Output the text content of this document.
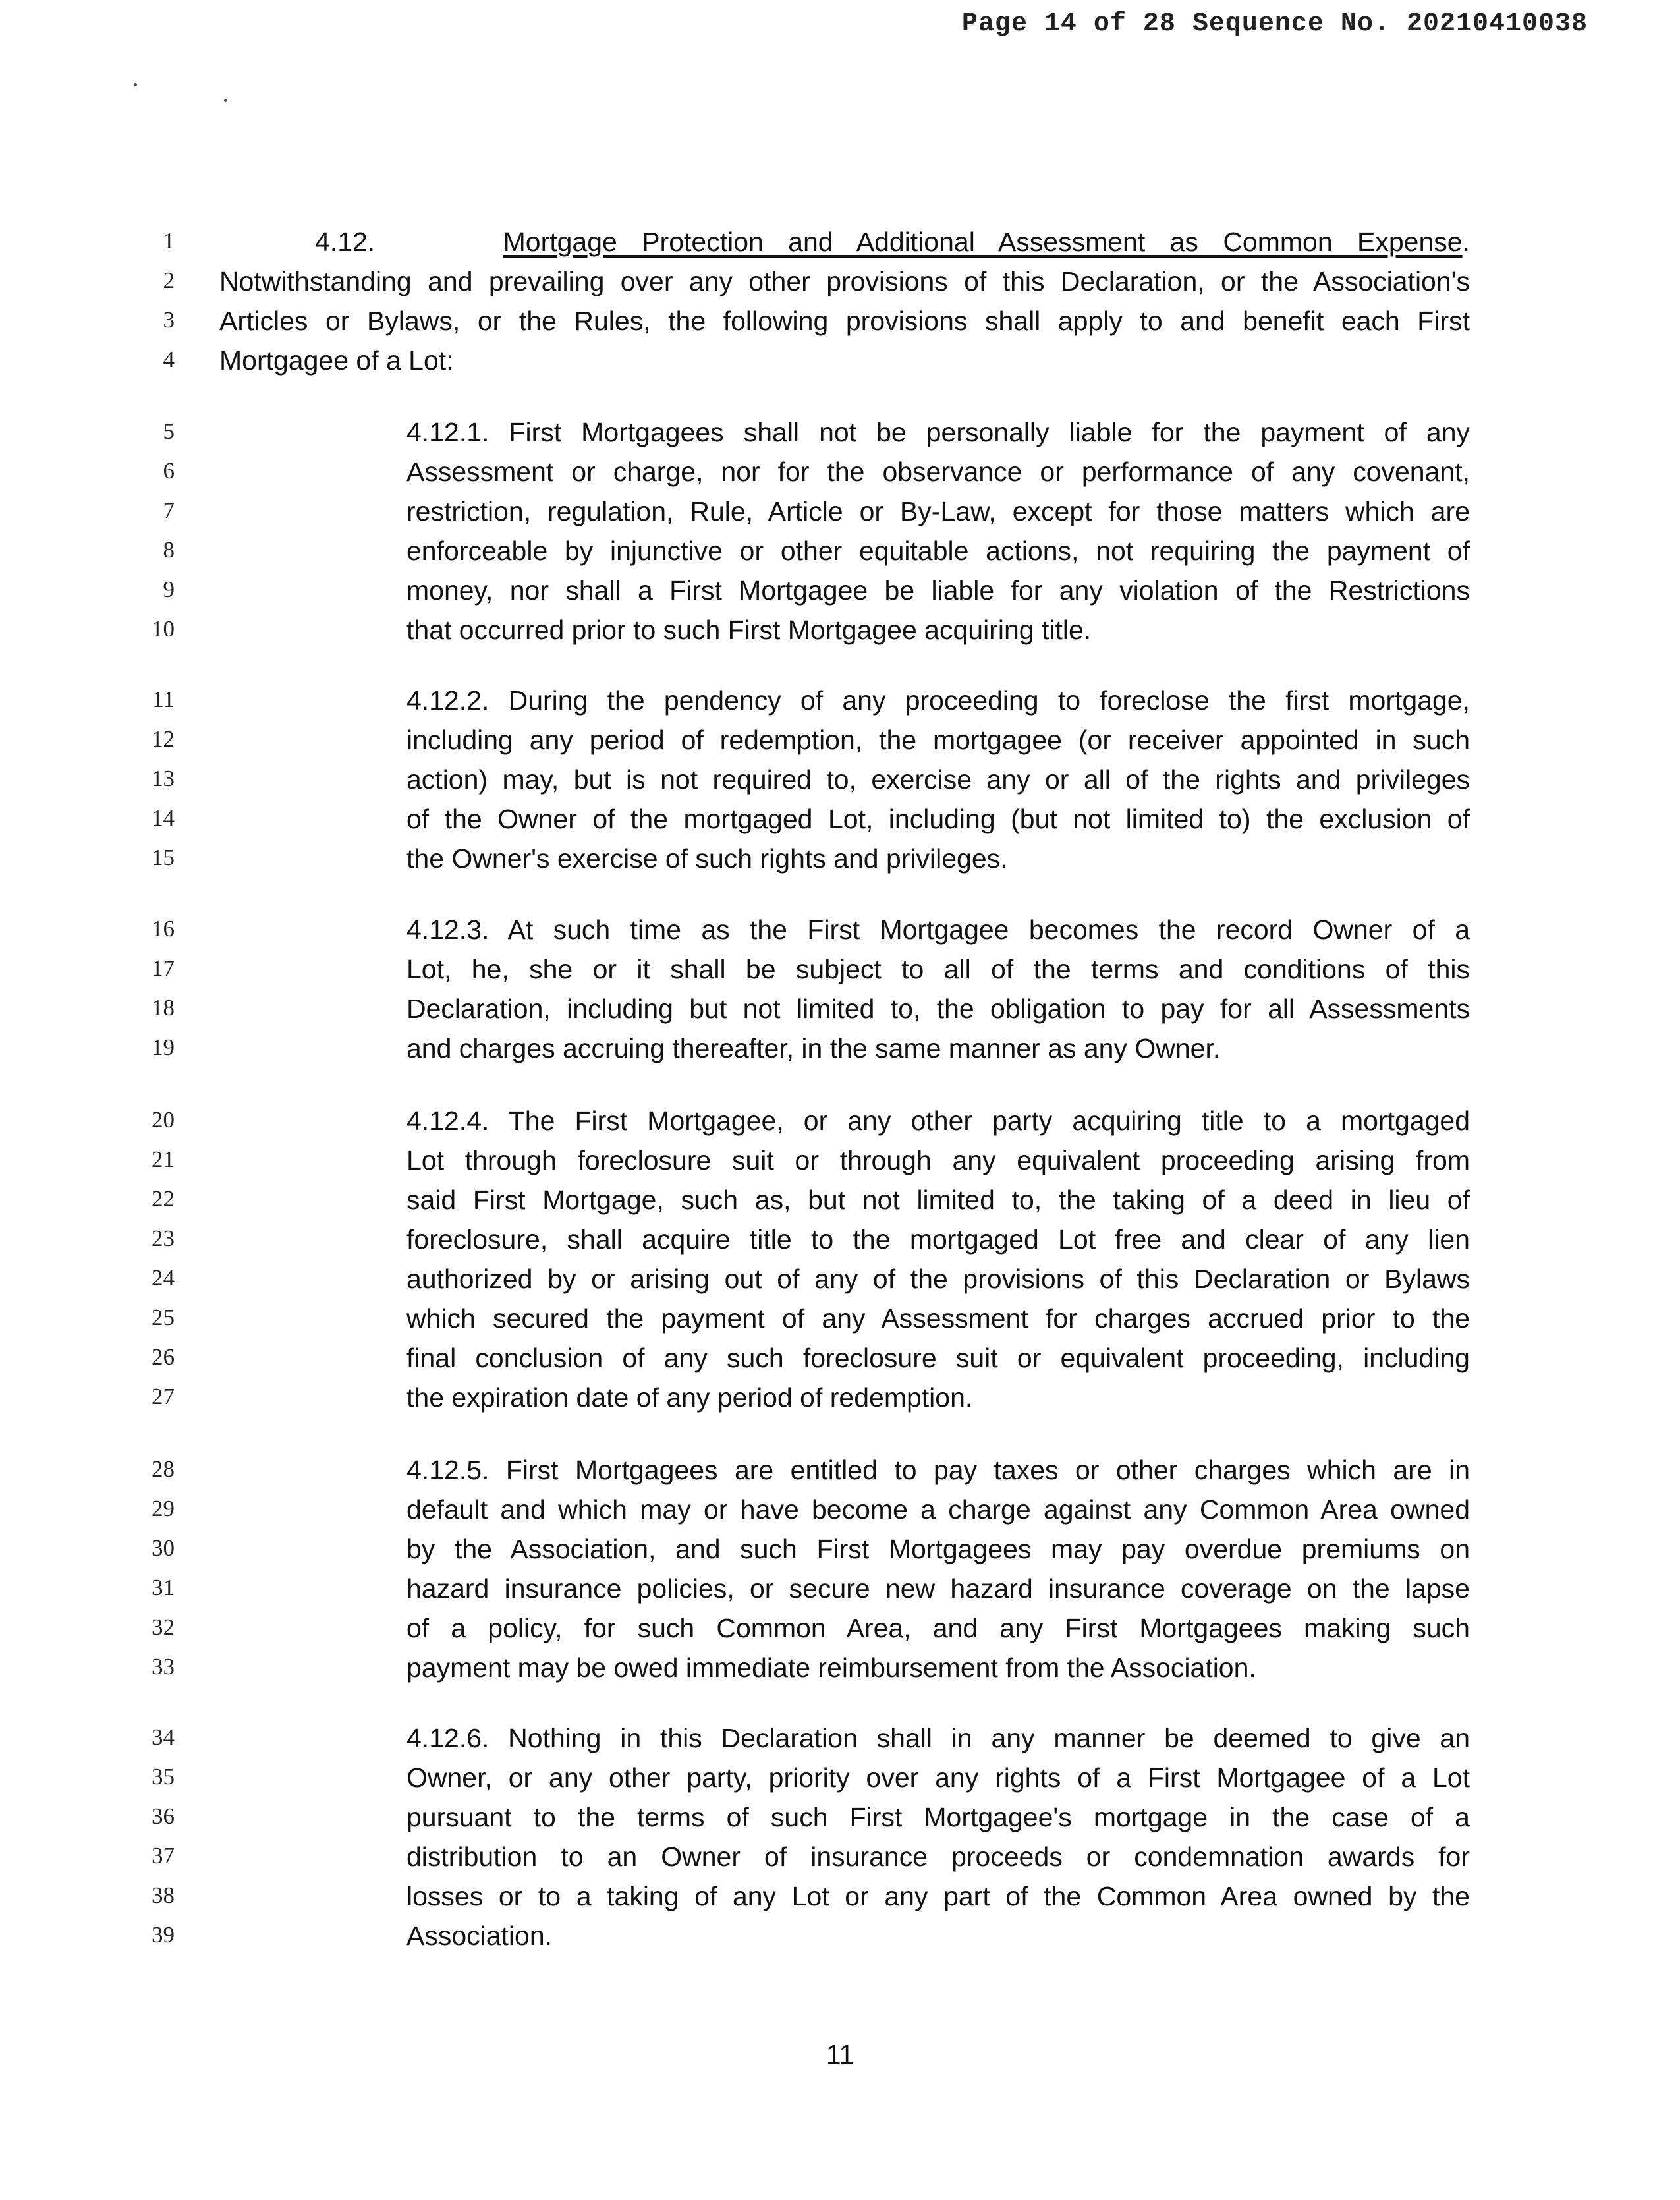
Page 14 of 28 Sequence No. 20210410038
1
2
3
4
5
6
7
8
9
10
11
12
13
14
15
16
17
18
19
20
21
22
23
24
25
26
27
28
29
30
31
32
33
34
35
36
37
38
39
4.12.	Mortgage Protection and Additional Assessment as Common Expense.
Notwithstanding and prevailing over any other provisions of this Declaration, or the Association's
Articles or Bylaws, or the Rules, the following provisions shall apply to and benefit each First
Mortgagee of a Lot:
4.12.1. First Mortgagees shall not be personally liable for the payment of any
Assessment or charge, nor for the observance or performance of any covenant,
restriction, regulation, Rule, Article or By-Law, except for those matters which are
enforceable by injunctive or other equitable actions, not requiring the payment of
money, nor shall a First Mortgagee be liable for any violation of the Restrictions
that occurred prior to such First Mortgagee acquiring title.
4.12.2. During the pendency of any proceeding to foreclose the first mortgage,
including any period of redemption, the mortgagee (or receiver appointed in such
action) may, but is not required to, exercise any or all of the rights and privileges
of the Owner of the mortgaged Lot, including (but not limited to) the exclusion of
the Owner's exercise of such rights and privileges.
4.12.3. At such time as the First Mortgagee becomes the record Owner of a
Lot, he, she or it shall be subject to all of the terms and conditions of this
Declaration, including but not limited to, the obligation to pay for all Assessments
and charges accruing thereafter, in the same manner as any Owner.
4.12.4. The First Mortgagee, or any other party acquiring title to a mortgaged
Lot through foreclosure suit or through any equivalent proceeding arising from
said First Mortgage, such as, but not limited to, the taking of a deed in lieu of
foreclosure, shall acquire title to the mortgaged Lot free and clear of any lien
authorized by or arising out of any of the provisions of this Declaration or Bylaws
which secured the payment of any Assessment for charges accrued prior to the
final conclusion of any such foreclosure suit or equivalent proceeding, including
the expiration date of any period of redemption.
4.12.5. First Mortgagees are entitled to pay taxes or other charges which are in
default and which may or have become a charge against any Common Area owned
by the Association, and such First Mortgagees may pay overdue premiums on
hazard insurance policies, or secure new hazard insurance coverage on the lapse
of a policy, for such Common Area, and any First Mortgagees making such
payment may be owed immediate reimbursement from the Association.
4.12.6. Nothing in this Declaration shall in any manner be deemed to give an
Owner, or any other party, priority over any rights of a First Mortgagee of a Lot
pursuant to the terms of such First Mortgagee's mortgage in the case of a
distribution to an Owner of insurance proceeds or condemnation awards for
losses or to a taking of any Lot or any part of the Common Area owned by the
Association.
11
